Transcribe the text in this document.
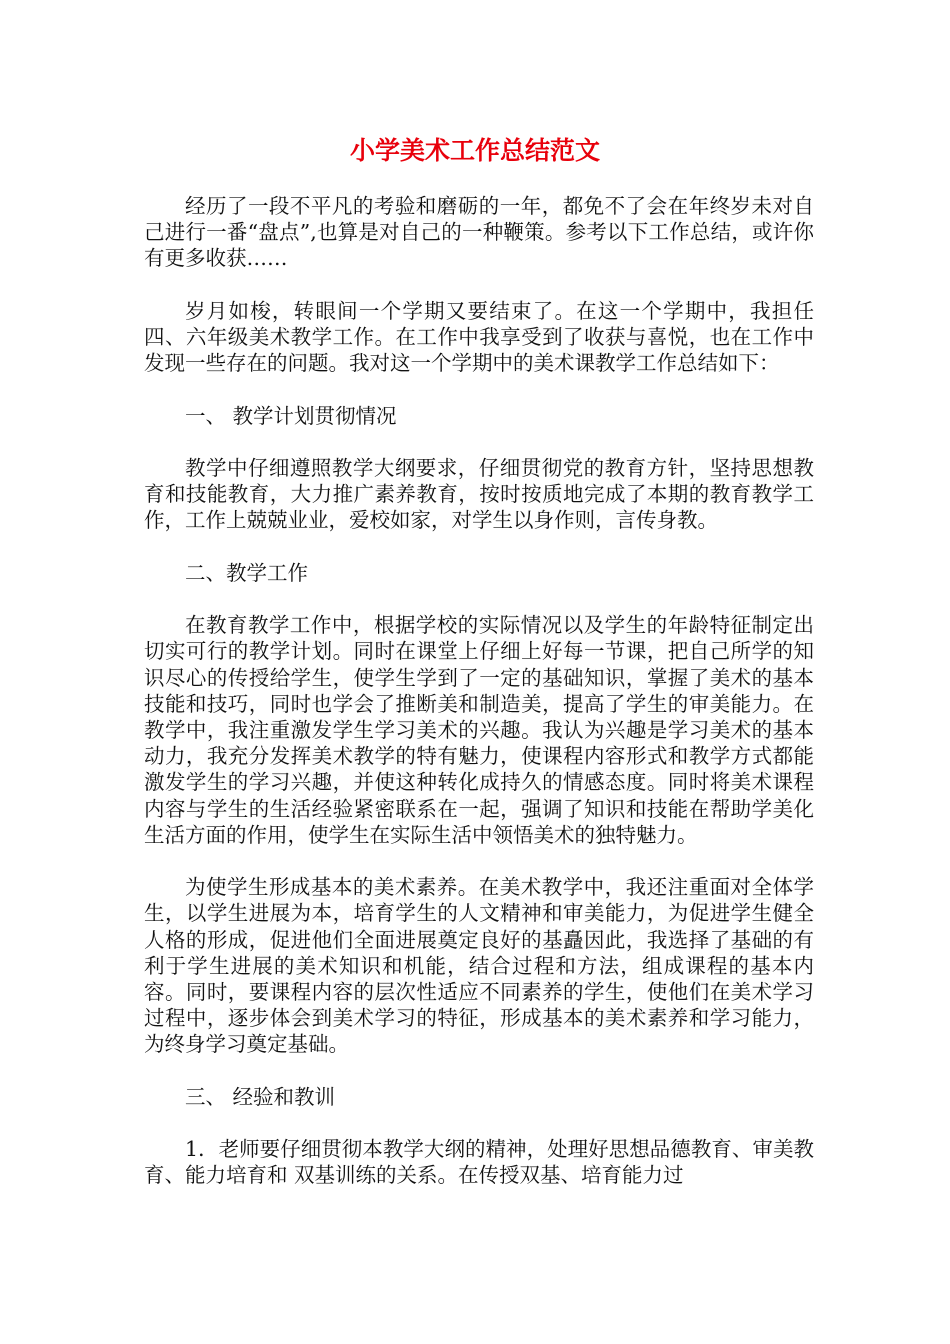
小学美术工作总结范文

经历了一段不平凡的考验和磨砺的一年，都免不了会在年终岁未对自己进行一番“盘点”,也算是对自己的一种鞭策。参考以下工作总结，或许你有更多收获……

岁月如梭，转眼间一个学期又要结束了。在这一个学期中，我担任四、六年级美术教学工作。在工作中我享受到了收获与喜悦，也在工作中发现一些存在的问题。我对这一个学期中的美术课教学工作总结如下：

一、 教学计划贯彻情况

教学中仔细遵照教学大纲要求，仔细贯彻党的教育方针，坚持思想教育和技能教育，大力推广素养教育，按时按质地完成了本期的教育教学工作，工作上兢兢业业，爱校如家，对学生以身作则，言传身教。

二、教学工作

在教育教学工作中，根据学校的实际情况以及学生的年龄特征制定出切实可行的教学计划。同时在课堂上仔细上好每一节课，把自己所学的知识尽心的传授给学生，使学生学到了一定的基础知识，掌握了美术的基本技能和技巧，同时也学会了推断美和制造美，提高了学生的审美能力。在教学中，我注重激发学生学习美术的兴趣。我认为兴趣是学习美术的基本动力，我充分发挥美术教学的特有魅力，使课程内容形式和教学方式都能激发学生的学习兴趣，并使这种转化成持久的情感态度。同时将美术课程内容与学生的生活经验紧密联系在一起，强调了知识和技能在帮助学美化生活方面的作用，使学生在实际生活中领悟美术的独特魅力。

为使学生形成基本的美术素养。在美术教学中，我还注重面对全体学生，以学生进展为本，培育学生的人文精神和审美能力，为促进学生健全人格的形成，促进他们全面进展奠定良好的基矗因此，我选择了基础的有利于学生进展的美术知识和机能，结合过程和方法，组成课程的基本内容。同时，要课程内容的层次性适应不同素养的学生，使他们在美术学习过程中，逐步体会到美术学习的特征，形成基本的美术素养和学习能力，为终身学习奠定基础。

三、 经验和教训

1．老师要仔细贯彻本教学大纲的精神，处理好思想品德教育、审美教育、能力培育和 双基训练的关系。在传授双基、培育能力过
